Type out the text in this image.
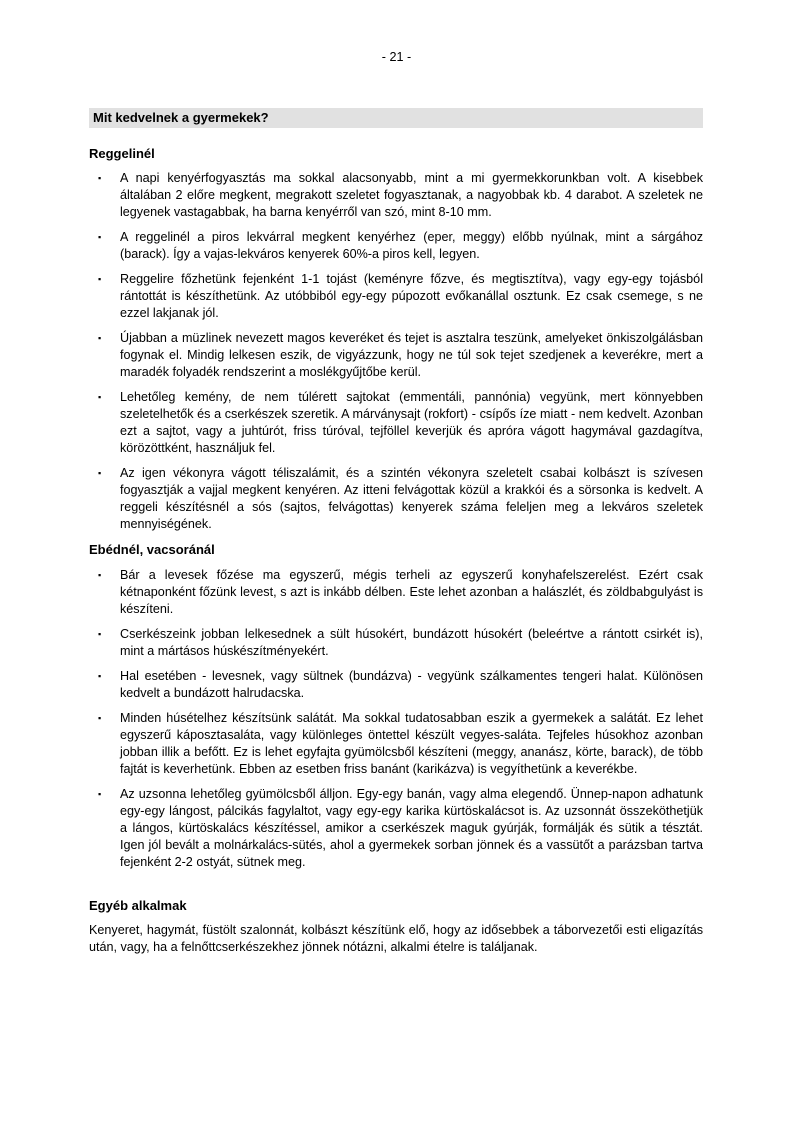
- 21 -
Mit kedvelnek a gyermekek?
Reggelinél
▪	A napi kenyérfogyasztás ma sokkal alacsonyabb, mint a mi gyermekkorunkban volt. A kisebbek általában 2 előre megkent, megrakott szeletet fogyasztanak, a nagyobbak kb. 4 darabot. A szeletek ne legyenek vastagabbak, ha barna kenyérről van szó, mint 8-10 mm.
▪	A reggelinél a piros lekvárral megkent kenyérhez (eper, meggy) előbb nyúlnak, mint a sárgához (barack). Így a vajas-lekváros kenyerek 60%-a piros kell, legyen.
▪	Reggelire főzhetünk fejenként 1-1 tojást (keményre főzve, és megtisztítva), vagy egy-egy tojásból rántottát is készíthetünk. Az utóbbiból egy-egy púpozott evőkanállal osztunk. Ez csak csemege, s ne ezzel lakjanak jól.
▪	Újabban a müzlinek nevezett magos keveréket és tejet is asztalra teszünk, amelyeket önkiszolgálásban fogynak el. Mindig lelkesen eszik, de vigyázzunk, hogy ne túl sok tejet szedjenek a keverékre, mert a maradék folyadék rendszerint a moslékgyűjtőbe kerül.
▪	Lehetőleg kemény, de nem túlérett sajtokat (emmentáli, pannónia) vegyünk, mert könnyebben szeletelhetők és a cserkészek szeretik. A márványsajt (rokfort) - csípős íze miatt - nem kedvelt. Azonban ezt a sajtot, vagy a juhtúrót, friss túróval, tejföllel keverjük és apróra vágott hagymával gazdagítva, körözöttként, használjuk fel.
▪	Az igen vékonyra vágott téliszalámit, és a szintén vékonyra szeletelt csabai kolbászt is szívesen fogyasztják a vajjal megkent kenyéren. Az itteni felvágottak közül a krakkói és a sörsonka is kedvelt. A reggeli készítésnél a sós (sajtos, felvágottas) kenyerek száma feleljen meg a lekváros szeletek mennyiségének.
Ebédnél, vacsoránál
▪	Bár a levesek főzése ma egyszerű, mégis terheli az egyszerű konyhafelszerelést. Ezért csak kétnaponként főzünk levest, s azt is inkább délben. Este lehet azonban a halászlét, és zöldbabgulyást is készíteni.
▪	Cserkészeink jobban lelkesednek a sült húsokért, bundázott húsokért (beleértve a rántott csirkét is), mint a mártásos húskészítményekért.
▪	Hal esetében - levesnek, vagy sültnek (bundázva) - vegyünk szálkamentes tengeri halat. Különösen kedvelt a bundázott halrudacska.
▪	Minden húsételhez készítsünk salátát. Ma sokkal tudatosabban eszik a gyermekek a salátát. Ez lehet egyszerű káposztasaláta, vagy különleges öntettel készült vegyes-saláta. Tejfeles húsokhoz azonban jobban illik a befőtt. Ez is lehet egyfajta gyümölcsből készíteni (meggy, ananász, körte, barack), de több fajtát is keverhetünk. Ebben az esetben friss banánt (karikázva) is vegyíthetünk a keverékbe.
▪	Az uzsonna lehetőleg gyümölcsből álljon. Egy-egy banán, vagy alma elegendő. Ünnep-napon adhatunk egy-egy lángost, pálcikás fagylaltot, vagy egy-egy karika kürtöskalácsot is. Az uzsonnát összeköthetjük a lángos, kürtöskalács készítéssel, amikor a cserkészek maguk gyúrják, formálják és sütik a tésztát. Igen jól bevált a molnárkalács-sütés, ahol a gyermekek sorban jönnek és a vassütőt a parázsban tartva fejenként 2-2 ostyát, sütnek meg.
Egyéb alkalmak

Kenyeret, hagymát, füstölt szalonnát, kolbászt készítünk elő, hogy az idősebbek a táborvezetői esti eligazítás után, vagy, ha a felnőttcserkészekhez jönnek nótázni, alkalmi ételre is találjanak.
